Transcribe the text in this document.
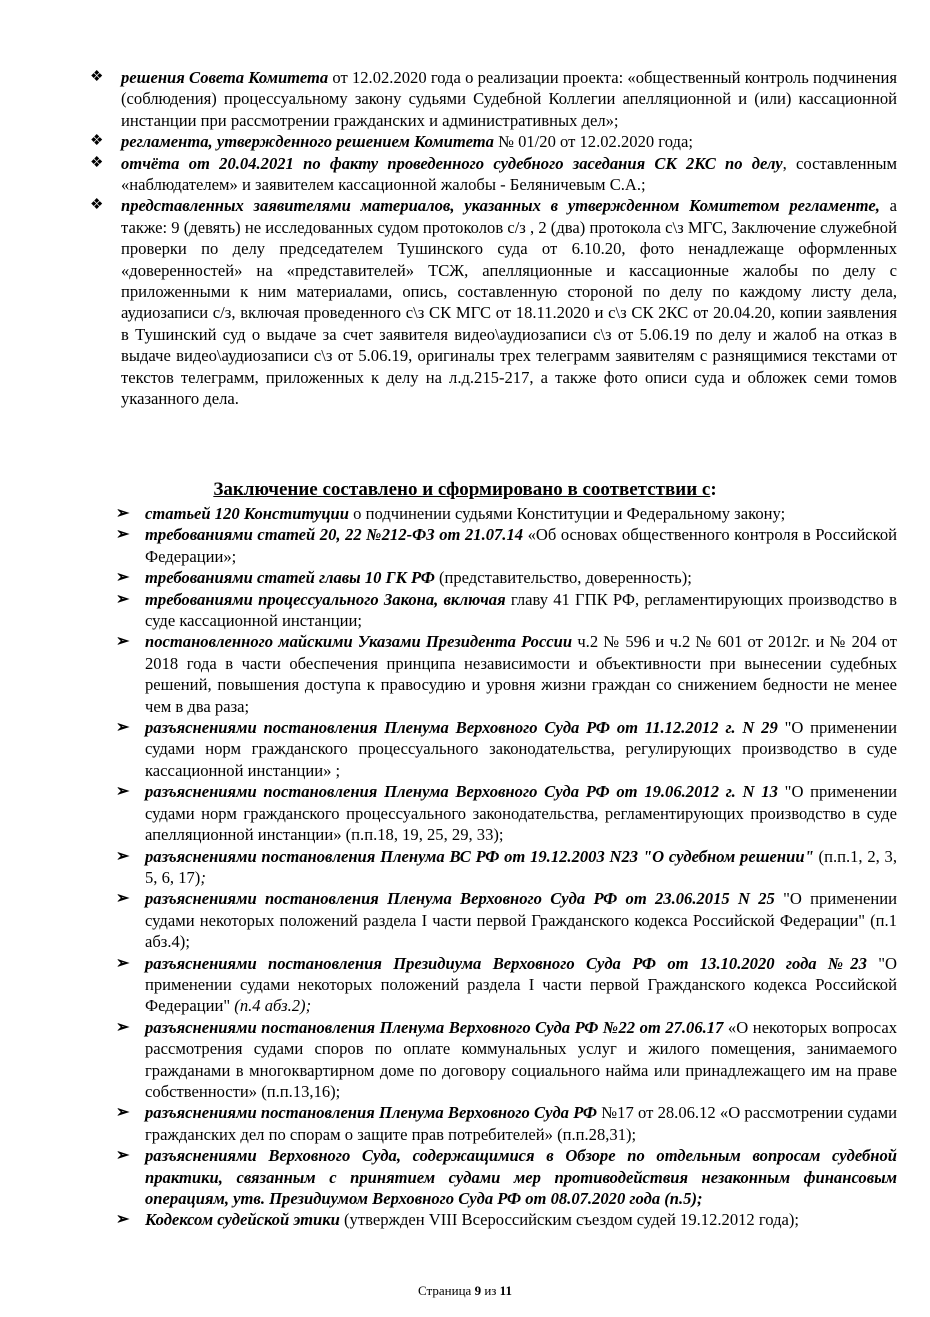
❖	решения Совета Комитета от 12.02.2020 года о реализации проекта: «общественный контроль подчинения (соблюдения) процессуальному закону судьями Судебной Коллегии апелляционной и (или) кассационной инстанции при рассмотрении гражданских и административных дел»;
❖	регламента, утвержденного решением Комитета № 01/20 от 12.02.2020 года;
❖	отчёта от 20.04.2021 по факту проведенного судебного заседания СК 2КС по делу, составленным «наблюдателем» и заявителем кассационной жалобы - Беляничевым С.А.;
❖	представленных заявителями материалов, указанных в утвержденном Комитетом регламенте, а также: 9 (девять) не исследованных судом протоколов с/з , 2 (два) протокола с\з МГС, Заключение служебной проверки по делу председателем Тушинского суда от 6.10.20, фото ненадлежаще оформленных «доверенностей» на «представителей» ТСЖ, апелляционные и кассационные жалобы по делу с приложенными к ним материалами, опись, составленную стороной по делу по каждому листу дела, аудиозаписи с/з, включая проведенного с\з СК МГС от 18.11.2020 и с\з СК 2КС от 20.04.20, копии заявления в Тушинский суд о выдаче за счет заявителя видео\аудиозаписи с\з от 5.06.19 по делу и жалоб на отказ в выдаче видео\аудиозаписи с\з от 5.06.19, оригиналы трех телеграмм заявителям с разнящимися текстами от текстов телеграмм, приложенных к делу на л.д.215-217, а также фото описи суда и обложек семи томов указанного дела.
Заключение составлено и сформировано в соответствии с:
➢ статьей 120 Конституции о подчинении судьями Конституции и Федеральному закону;
➢ требованиями статей 20, 22 №212-ФЗ от 21.07.14 «Об основах общественного контроля в Российской Федерации»;
➢ требованиями статей главы 10 ГК РФ (представительство, доверенность);
➢ требованиями процессуального Закона, включая главу 41 ГПК РФ, регламентирующих производство в суде кассационной инстанции;
➢ постановленного майскими Указами Президента России ч.2 № 596 и ч.2 № 601 от 2012г. и № 204 от 2018 года в части обеспечения принципа независимости и объективности при вынесении судебных решений, повышения доступа к правосудию и уровня жизни граждан со снижением бедности не менее чем в два раза;
➢ разъяснениями постановления Пленума Верховного Суда РФ от 11.12.2012 г. N 29 "О применении судами норм гражданского процессуального законодательства, регулирующих производство в суде кассационной инстанции» ;
➢ разъяснениями постановления Пленума Верховного Суда РФ от 19.06.2012 г. N 13 "О применении судами норм гражданского процессуального законодательства, регламентирующих производство в суде апелляционной инстанции» (п.п.18, 19, 25, 29, 33);
➢ разъяснениями постановления Пленума ВС РФ от 19.12.2003 N23 "О судебном решении" (п.п.1, 2, 3, 5, 6, 17);
➢ разъяснениями постановления Пленума Верховного Суда РФ от 23.06.2015 N 25 "О применении судами некоторых положений раздела I части первой Гражданского кодекса Российской Федерации" (п.1 абз.4);
➢ разъяснениями постановления Президиума Верховного Суда РФ от 13.10.2020 года №23 "О применении судами некоторых положений раздела I части первой Гражданского кодекса Российской Федерации" (п.4 абз.2);
➢ разъяснениями постановления Пленума Верховного Суда РФ №22 от 27.06.17 «О некоторых вопросах рассмотрения судами споров по оплате коммунальных услуг и жилого помещения, занимаемого гражданами в многоквартирном доме по договору социального найма или принадлежащего им на праве собственности» (п.п.13,16);
➢ разъяснениями постановления Пленума Верховного Суда РФ №17 от 28.06.12 «О рассмотрении судами гражданских дел по спорам о защите прав потребителей» (п.п.28,31);
➢ разъяснениями Верховного Суда, содержащимися в Обзоре по отдельным вопросам судебной практики, связанным с принятием судами мер противодействия незаконным финансовым операциям, утв. Президиумом Верховного Суда РФ от 08.07.2020 года (п.5);
➢ Кодексом судейской этики (утвержден VIII Всероссийским съездом судей 19.12.2012 года);
Страница 9 из 11
